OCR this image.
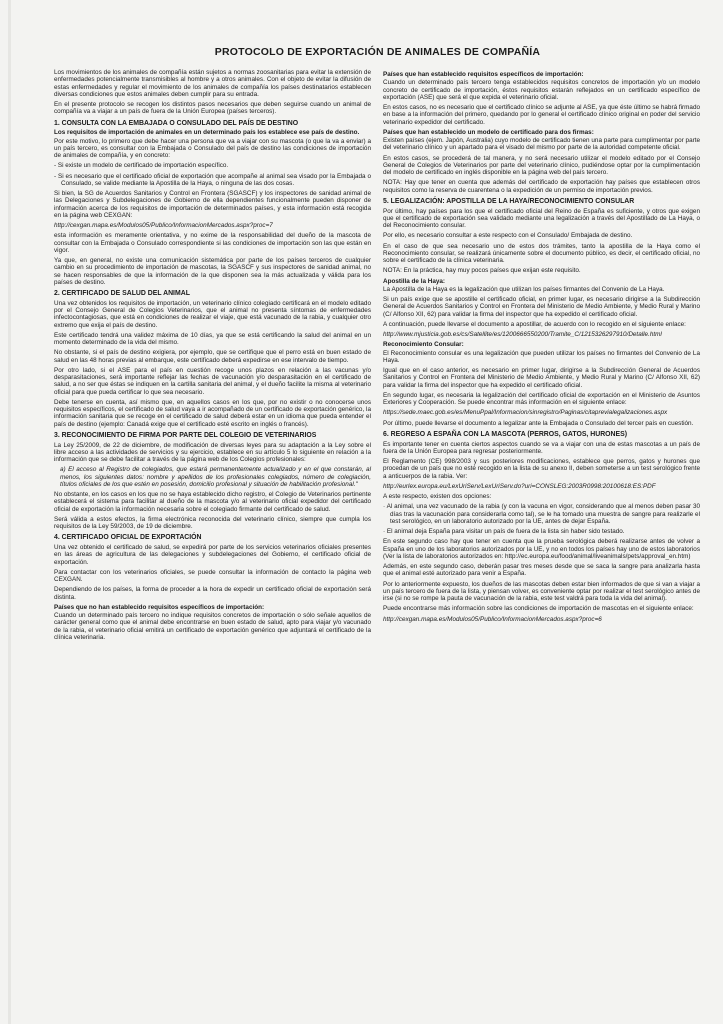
PROTOCOLO DE EXPORTACIÓN DE ANIMALES DE COMPAÑÍA

Los movimientos de los animales de compañía están sujetos a normas zoosanitarias para evitar la extensión de enfermedades potencialmente transmisibles al hombre y a otros animales. Con el objeto de evitar la difusión de estas enfermedades y regular el movimiento de los animales de compañía los países destinatarios establecen diversas condiciones que estos animales deben cumplir para su entrada.

En el presente protocolo se recogen los distintos pasos necesarios que deben seguirse cuando un animal de compañía va a viajar a un país de fuera de la Unión Europea (países terceros).

1. CONSULTA CON LA EMBAJADA O CONSULADO DEL PAÍS DE DESTINO

Los requisitos de importación de animales en un determinado país los establece ese país de destino.

Por este motivo, lo primero que debe hacer una persona que va a viajar con su mascota (o que la va a enviar) a un país tercero, es consultar con la Embajada o Consulado del país de destino las condiciones de importación de animales de compañía, y en concreto:

- Si existe un modelo de certificado de importación específico.

- Si es necesario que el certificado oficial de exportación que acompañe al animal sea visado por la Embajada o Consulado, se valide mediante la Apostilla de la Haya, o ninguna de las dos cosas.

Si bien, la SG de Acuerdos Sanitarios y Control en Frontera (SGASCF) y los inspectores de sanidad animal de las Delegaciones y Subdelegaciones de Gobierno de ella dependientes funcionalmente pueden disponer de información acerca de los requisitos de importación de determinados países, y esta información está recogida en la página web CEXGAN:

http://cexgan.mapa.es/Modulos05/Publico/InformacionMercados.aspx?proc=7

esta información es meramente orientativa, y no exime de la responsabilidad del dueño de la mascota de consultar con la Embajada o Consulado correspondiente si las condiciones de importación son las que están en vigor.

Ya que, en general, no existe una comunicación sistemática por parte de los países terceros de cualquier cambio en su procedimiento de importación de mascotas, la SGASCF y sus inspectores de sanidad animal, no se hacen responsables de que la información de la que disponen sea la más actualizada y válida para los países de destino.

2. CERTIFICADO DE SALUD DEL ANIMAL

Una vez obtenidos los requisitos de importación, un veterinario clínico colegiado certificará en el modelo editado por el Consejo General de Colegios Veterinarios, que el animal no presenta síntomas de enfermedades infectocontagiosas, que está en condiciones de realizar el viaje, que está vacunado de la rabia, y cualquier otro extremo que exija el país de destino.

Este certificado tendrá una validez máxima de 10 días, ya que se está certificando la salud del animal en un momento determinado de la vida del mismo.

No obstante, si el país de destino exigiera, por ejemplo, que se certifique que el perro está en buen estado de salud en las 48 horas previas al embarque, este certificado deberá expedirse en ese intervalo de tiempo.

Por otro lado, si el ASE para el país en cuestión recoge unos plazos en relación a las vacunas y/o desparasitaciones, será importante reflejar las fechas de vacunación y/o desparasitación en el certificado de salud, a no ser que éstas se indiquen en la cartilla sanitaria del animal, y el dueño facilite la misma al veterinario oficial para que pueda certificar lo que sea necesario.

Debe tenerse en cuenta, así mismo que, en aquellos casos en los que, por no existir o no conocerse unos requisitos específicos, el certificado de salud vaya a ir acompañado de un certificado de exportación genérico, la información sanitaria que se recoge en el certificado de salud deberá estar en un idioma que pueda entender el país de destino (ejemplo: Canadá exige que el certificado esté escrito en inglés o francés).

3. RECONOCIMIENTO DE FIRMA POR PARTE DEL COLEGIO DE VETERINARIOS

La Ley 25/2009, de 22 de diciembre, de modificación de diversas leyes para su adaptación a la Ley sobre el libre acceso a las actividades de servicios y su ejercicio, establece en su artículo 5 lo siguiente en relación a la información que se debe facilitar a través de la página web de los Colegios profesionales:

a) El acceso al Registro de colegiados, que estará permanentemente actualizado y en el que constarán, al menos, los siguientes datos: nombre y apellidos de los profesionales colegiados, número de colegiación, títulos oficiales de los que estén en posesión, domicilio profesional y situación de habilitación profesional."

No obstante, en los casos en los que no se haya establecido dicho registro, el Colegio de Veterinarios pertinente establecerá el sistema para facilitar al dueño de la mascota y/o al veterinario oficial expedidor del certificado oficial de exportación la información necesaria sobre el colegiado firmante del certificado de salud.

Será válida a estos efectos, la firma electrónica reconocida del veterinario clínico, siempre que cumpla los requisitos de la Ley 59/2003, de 19 de diciembre.

4. CERTIFICADO OFICIAL DE EXPORTACIÓN

Una vez obtenido el certificado de salud, se expedirá por parte de los servicios veterinarios oficiales presentes en las áreas de agricultura de las delegaciones y subdelegaciones del Gobierno, el certificado oficial de exportación.

Para contactar con los veterinarios oficiales, se puede consultar la información de contacto la página web CEXGAN.

Dependiendo de los países, la forma de proceder a la hora de expedir un certificado oficial de exportación será distinta.

Países que no han establecido requisitos específicos de importación:

Cuando un determinado país tercero no indique requisitos concretos de importación o sólo señale aquellos de carácter general como que el animal debe encontrarse en buen estado de salud, apto para viajar y/o vacunado de la rabia, el veterinario oficial emitirá un certificado de exportación genérico que adjuntará el certificado de la clínica veterinaria.

Países que han establecido requisitos específicos de importación:

Cuando un determinado país tercero tenga establecidos requisitos concretos de importación y/o un modelo concreto de certificado de importación, éstos requisitos estarán reflejados en un certificado específico de exportación (ASE) que será el que expida el veterinario oficial.

En estos casos, no es necesario que el certificado clínico se adjunte al ASE, ya que éste último se habrá firmado en base a la información del primero, quedando por lo general el certificado clínico original en poder del servicio veterinario expedidor del certificado.

Países que han establecido un modelo de certificado para dos firmas:

Existen países (ejem. Japón, Australia) cuyo modelo de certificado tienen una parte para cumplimentar por parte del veterinario clínico y un apartado para el visado del mismo por parte de la autoridad competente oficial.

En estos casos, se procederá de tal manera, y no será necesario utilizar el modelo editado por el Consejo General de Colegios de Veterinarios por parte del veterinario clínico, pudiéndose optar por la cumplimentación del modelo de certificado en inglés disponible en la página web del país tercero.

NOTA: Hay que tener en cuenta que además del certificado de exportación hay países que establecen otros requisitos como la reserva de cuarentena o la expedición de un permiso de importación previos.

5. LEGALIZACIÓN: APOSTILLA DE LA HAYA/RECONOCIMIENTO CONSULAR

Por último, hay países para los que el certificado oficial del Reino de España es suficiente, y otros que exigen que el certificado de exportación sea validado mediante una legalización a través del Apostillado de La Haya, o del Reconocimiento consular.

Por ello, es necesario consultar a este respecto con el Consulado/ Embajada de destino.

En el caso de que sea necesario uno de estos dos trámites, tanto la apostilla de la Haya como el Reconocimiento consular, se realizará únicamente sobre el documento público, es decir, el certificado oficial, no sobre el certificado de la clínica veterinaria.

NOTA: En la práctica, hay muy pocos países que exijan este requisito.

Apostilla de la Haya:

La Apostilla de la Haya es la legalización que utilizan los países firmantes del Convenio de La Haya.

Si un país exige que se apostille el certificado oficial, en primer lugar, es necesario dirigirse a la Subdirección General de Acuerdos Sanitarios y Control en Frontera del Ministerio de Medio Ambiente, y Medio Rural y Marino (C/ Alfonso XII, 62) para validar la firma del inspector que ha expedido el certificado oficial.

A continuación, puede llevarse el documento a apostillar, de acuerdo con lo recogido en el siguiente enlace:

http://www.mjusticia.gob.es/cs/Satellite/es/1200666550200/Tramite_C/1215326297910/Detalle.html

Reconocimiento Consular:

El Reconocimiento consular es una legalización que pueden utilizar los países no firmantes del Convenio de La Haya.

Igual que en el caso anterior, es necesario en primer lugar, dirigirse a la Subdirección General de Acuerdos Sanitarios y Control en Frontera del Ministerio de Medio Ambiente, y Medio Rural y Marino (C/ Alfonso XII, 62) para validar la firma del inspector que ha expedido el certificado oficial.

En segundo lugar, es necesaria la legalización del certificado oficial de exportación en el Ministerio de Asuntos Exteriores y Cooperación. Se puede encontrar más información en el siguiente enlace:

https://sede.maec.gob.es/es/MenuPpal/Informacion/sinregistro/Paginas/citaprevialegalizaciones.aspx

Por último, puede llevarse el documento a legalizar ante la Embajada o Consulado del tercer país en cuestión.

6. REGRESO A ESPAÑA CON LA MASCOTA (PERROS, GATOS, HURONES)

Es importante tener en cuenta ciertos aspectos cuando se va a viajar con una de estas mascotas a un país de fuera de la Unión Europea para regresar posteriormente.

El Reglamento (CE) 998/2003 y sus posteriores modificaciones, establece que perros, gatos y hurones que procedan de un país que no esté recogido en la lista de su anexo II, deben someterse a un test serológico frente a anticuerpos de la rabia. Ver:

http://eurlex.europa.eu/LexUriServ/LexUriServ.do?uri=CONSLEG:2003R0998:20100618:ES:PDF

A este respecto, existen dos opciones:

· Al animal, una vez vacunado de la rabia (y con la vacuna en vigor, considerando que al menos deben pasar 30 días tras la vacunación para considerarla como tal), se le ha tomado una muestra de sangre para realizarle el test serológico, en un laboratorio autorizado por la UE, antes de dejar España.

· El animal deja España para visitar un país de fuera de la lista sin haber sido testado.

En este segundo caso hay que tener en cuenta que la prueba serológica deberá realizarse antes de volver a España en uno de los laboratorios autorizados por la UE, y no en todos los países hay uno de estos laboratorios (Ver la lista de laboratorios autorizados en: http://ec.europa.eu/food/animal/liveanimals/pets/approval_en.htm)

Además, en este segundo caso, deberán pasar tres meses desde que se saca la sangre para analizarla hasta que el animal esté autorizado para venir a España.

Por lo anteriormente expuesto, los dueños de las mascotas deben estar bien informados de que si van a viajar a un país tercero de fuera de la lista, y piensan volver, es conveniente optar por realizar el test serológico antes de irse (si no se rompe la pauta de vacunación de la rabia, este test valdrá para toda la vida del animal).

Puede encontrarse más información sobre las condiciones de importación de mascotas en el siguiente enlace:

http://cexgan.mapa.es/Modulos05/Publico/InformacionMercados.aspx?proc=6
